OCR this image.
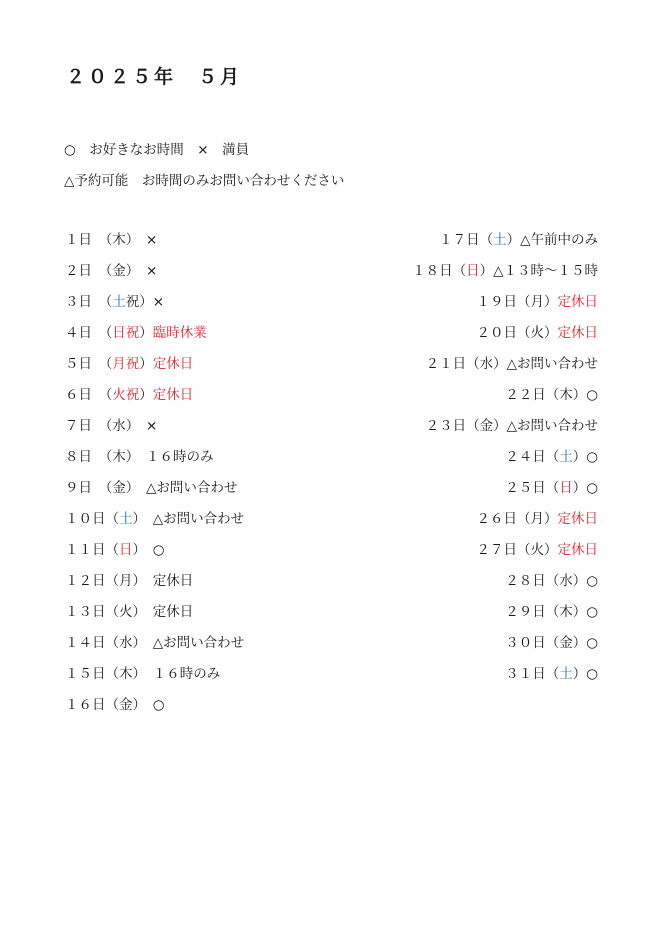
２０２５年　５月
○　お好きなお時間　×　満員
△予約可能　お時間のみお問い合わせください
１日　（木）　×
２日　（金）　×
３日　（ 土 祝）×
４日　（ 日祝 ） 臨時休業
５日　（ 月祝 ） 定休日
６日　（ 火祝 ） 定休日
７日　（水）　×
８日　（木）　１６時のみ
９日　（金）　△お問い合わせ
１０日（ 土 ）　△お問い合わせ
１１日（ 日 ）　○
１２日（月）　定休日
１３日（火）　定休日
１４日（水）　△お問い合わせ
１５日（木）　１６時のみ
１６日（金）　○
１７日（ 土 ）△午前中のみ
１８日（ 日 ）△１３時～１５時
１９日（月） 定休日
２０日（火） 定休日
２１日（水）△お問い合わせ
２２日（木）○
２３日（金）△お問い合わせ
２４日（ 土 ）○
２５日（ 日 ）○
２６日（月） 定休日
２７日（火） 定休日
２８日（水）○
２９日（木）○
３０日（金）○
３１日（ 土 ）○
